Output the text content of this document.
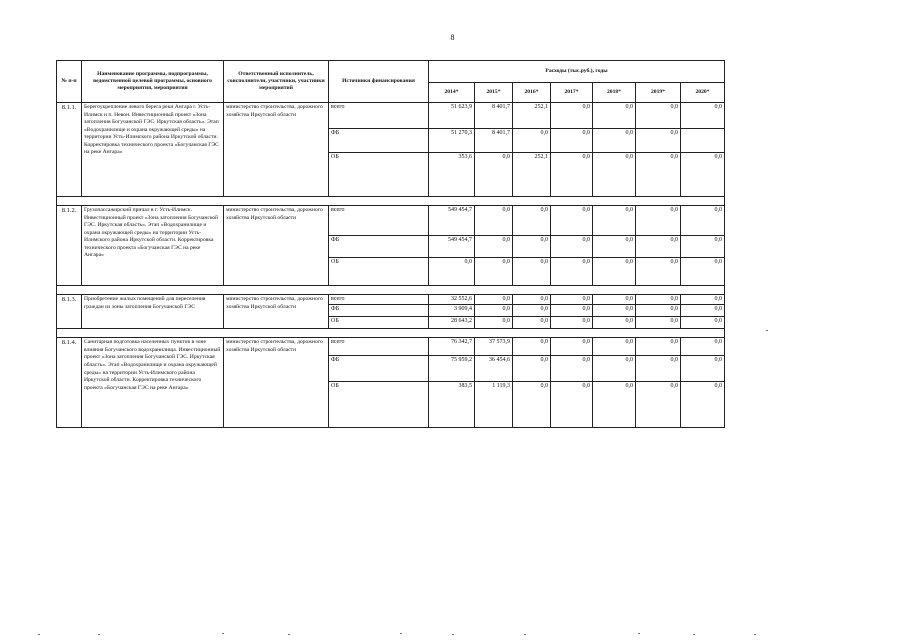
8
№ п-п	Наименование программы, подпрограммы, ведомственной целевой программы, основного мероприятия, мероприятия	Ответственный исполнитель, соисполнители, участники, участники мероприятий	Источники финансирования	Расходы (тыс.руб.), годы						
				2014*	2015*	2016*	2017*	2018*	2019*	2020*
8.1.1.	Берегоукрепление левого берега реки Ангара г. Усть-Илимск и п. Невон. Инвестиционный проект «Зона затопления Богучанской ГЭС. Иркутская область». Этап «Водохранилище и охрана окружающей среды» на территории Усть-Илимского района Иркутской области. Корректировка технического проекта «Богучанская ГЭС на реке Ангара»	министерство строительства, дорожного хозяйства Иркутской области	всего	51 623,9	8 401,7	252,1	0,0	0,0	0,0	0,0
			ФБ	51 270,3	8 401,7	0,0	0,0	0,0	0,0	
			ОБ	353,6	0,0	252,1	0,0	0,0	0,0	0,0

8.1.2.	Грузопассажирский причал в г. Усть-Илимск. Инвестиционный проект «Зона затопления Богучанской ГЭС. Иркутская область». Этап «Водохранилище и охрана окружающей среды» на территории Усть-Илимского района Иркутской области. Корректировка технического проекта «Богучанская ГЭС на реке Ангара»	министерство строительства, дорожного хозяйства Иркутской области	всего	549 454,7	0,0	0,0	0,0	0,0	0,0	0,0
			ФБ	549 454,7	0,0	0,0	0,0	0,0	0,0	0,0
			ОБ	0,0	0,0	0,0	0,0	0,0	0,0	0,0

8.1.3.	Приобретение жилых помещений для переселения граждан из зоны затопления Богучанской ГЭС	министерство строительства, дорожного хозяйства Иркутской области	всего	32 552,6	0,0	0,0	0,0	0,0	0,0	0,0
			ФБ	3 909,4	0,0	0,0	0,0	0,0	0,0	0,0
			ОБ	28 643,2	0,0	0,0	0,0	0,0	0,0	0,0

8.1.4.	Санитарная подготовка населенных пунктов в зоне влияния Богучанского водохранилища. Инвестиционный проект «Зона затопления Богучанской ГЭС. Иркутская область». Этап «Водохранилище и охрана окружающей среды» на территории Усть-Илимского района Иркутской области. Корректировка технического проекта «Богучанская ГЭС на реке Ангара»	министерство строительства, дорожного хозяйства Иркутской области	всего	76 342,7	37 573,9	0,0	0,0	0,0	0,0	0,0
			ФБ	75 959,2	36 454,6	0,0	0,0	0,0	0,0	0,0
			ОБ	383,5	1 119,3	0,0	0,0	0,0	0,0	0,0
